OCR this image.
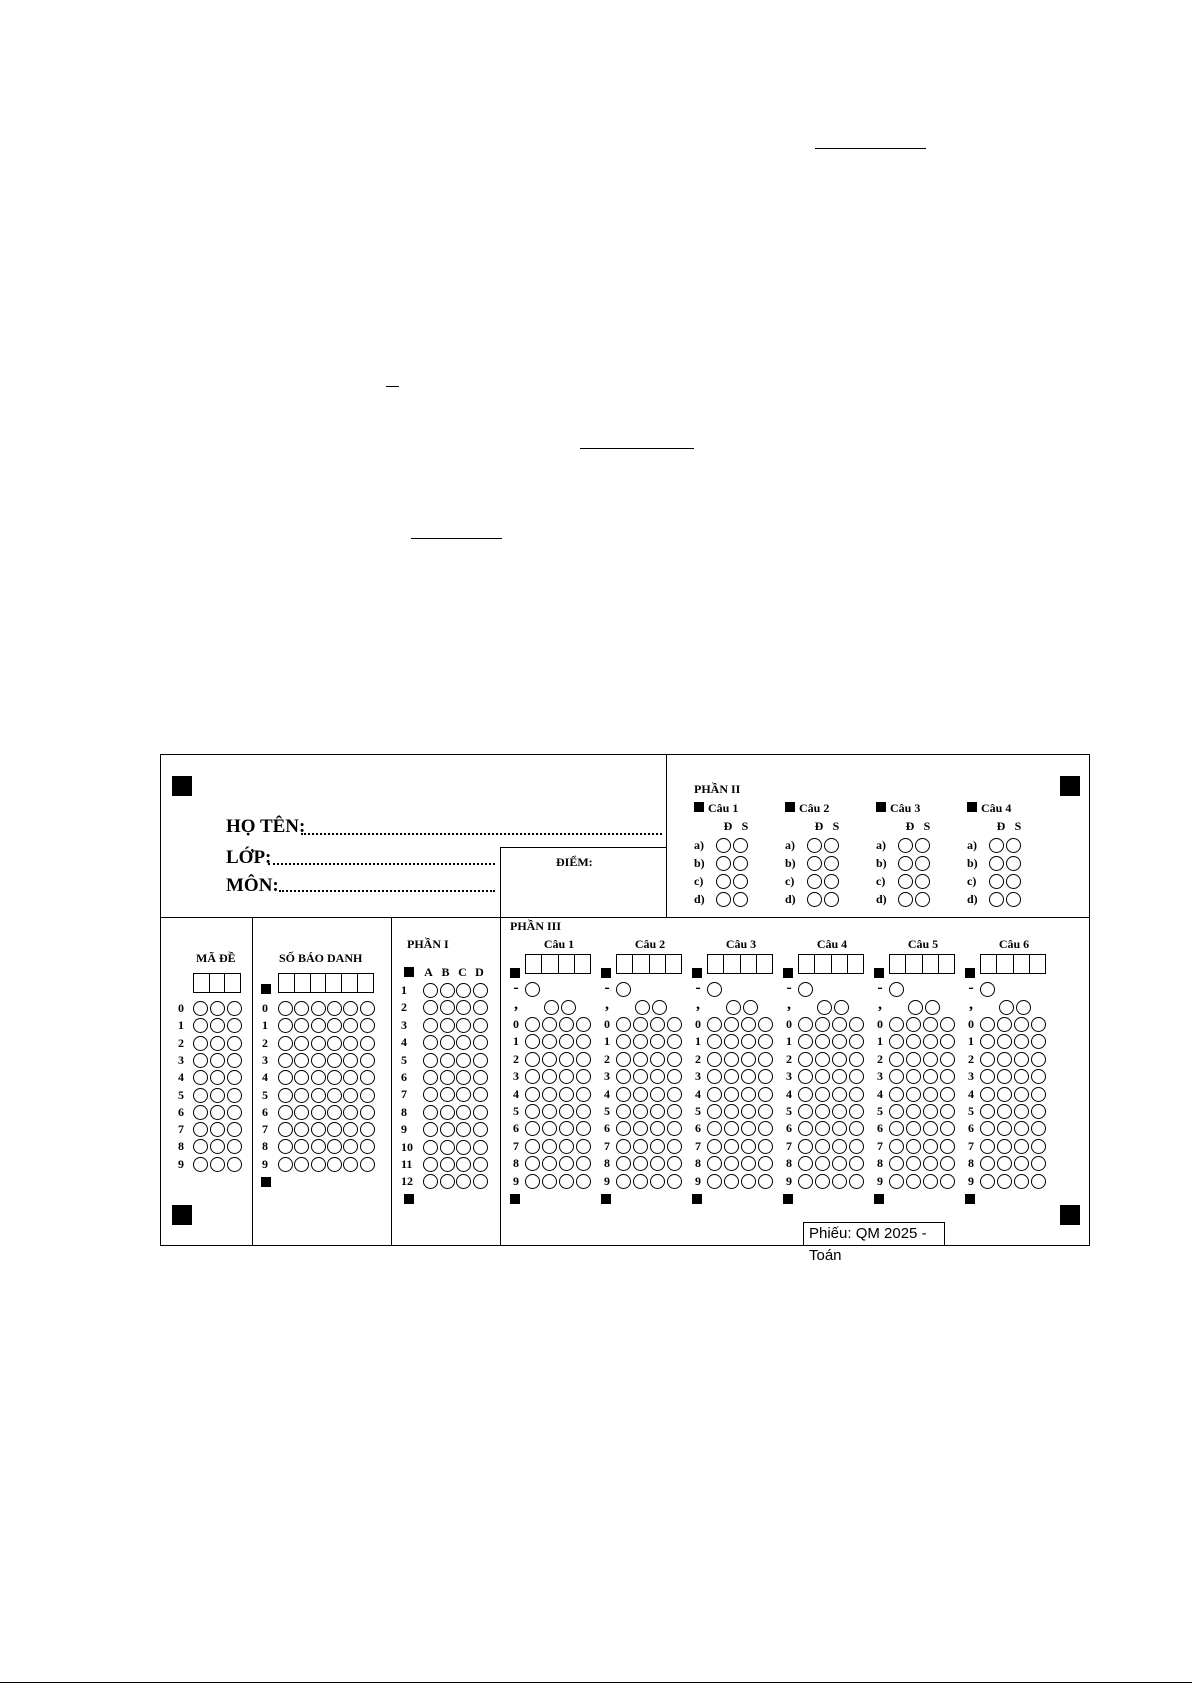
HỌ TÊN:
LỚP:
MÔN:
ĐIỂM:
PHẦN II
Câu 1
Đ S
a)
b)
c)
d)
Câu 2
Đ S
a)
b)
c)
d)
Câu 3
Đ S
a)
b)
c)
d)
Câu 4
Đ S
a)
b)
c)
d)
MÃ ĐỀ
0
1
2
3
4
5
6
7
8
9
SỐ BÁO DANH
0
1
2
3
4
5
6
7
8
9
PHẦN I
A B C D
1
2
3
4
5
6
7
8
9
10
11
12
PHẦN III
Câu 1
-
,
0
1
2
3
4
5
6
7
8
9
Câu 2
-
,
0
1
2
3
4
5
6
7
8
9
Câu 3
-
,
0
1
2
3
4
5
6
7
8
9
Câu 4
-
,
0
1
2
3
4
5
6
7
8
9
Câu 5
-
,
0
1
2
3
4
5
6
7
8
9
Câu 6
-
,
0
1
2
3
4
5
6
7
8
9
Phiếu: QM 2025 - Toán
